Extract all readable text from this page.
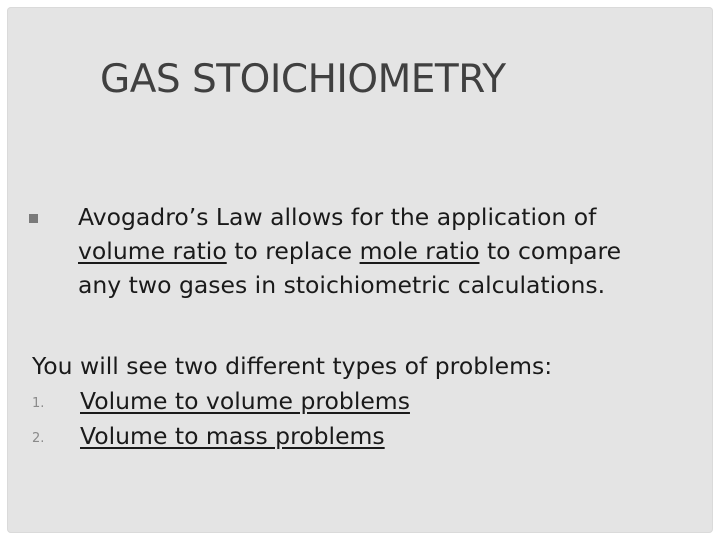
GAS STOICHIOMETRY
Avogadro’s Law allows for the application of volume ratio to replace mole ratio to compare any two gases in stoichiometric calculations.
You will see two different types of problems:
1. Volume to volume problems
2. Volume to mass problems
